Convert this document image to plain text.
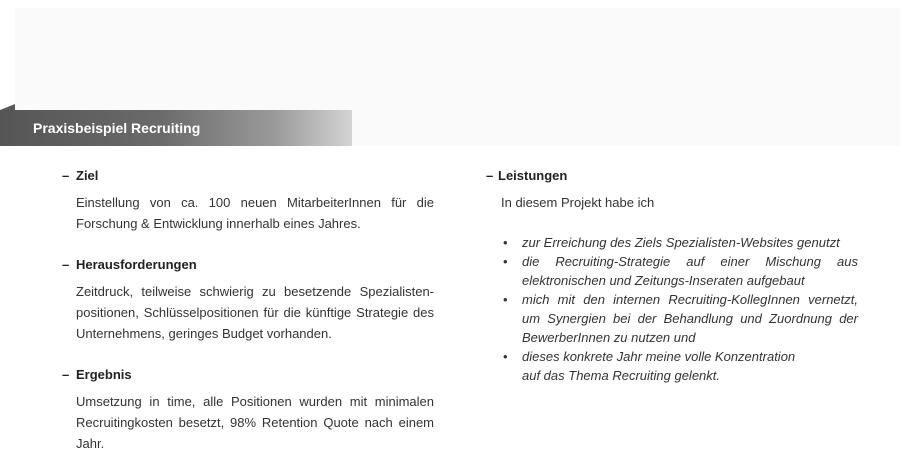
Praxisbeispiel Recruiting
– Ziel

Einstellung von ca. 100 neuen MitarbeiterInnen für die Forschung & Entwicklung innerhalb eines Jahres.

– Herausforderungen

Zeitdruck, teilweise schwierig zu besetzende Spezialisten-positionen, Schlüsselpositionen für die künftige Strategie des Unternehmens, geringes Budget vorhanden.

– Ergebnis

Umsetzung in time, alle Positionen wurden mit minimalen Recruitingkosten besetzt, 98% Retention Quote nach einem Jahr.

– Leistungen
In diesem Projekt habe ich
• zur Erreichung des Ziels Spezialisten-Websites genutzt
• die Recruiting-Strategie auf einer Mischung aus
elektronischen und Zeitungs-Inseraten aufgebaut
• mich mit den internen Recruiting-KollegInnen vernetzt,
um Synergien bei der Behandlung und Zuordnung der
BewerberInnen zu nutzen und
• dieses konkrete Jahr meine volle Konzentration
auf das Thema Recruiting gelenkt.
